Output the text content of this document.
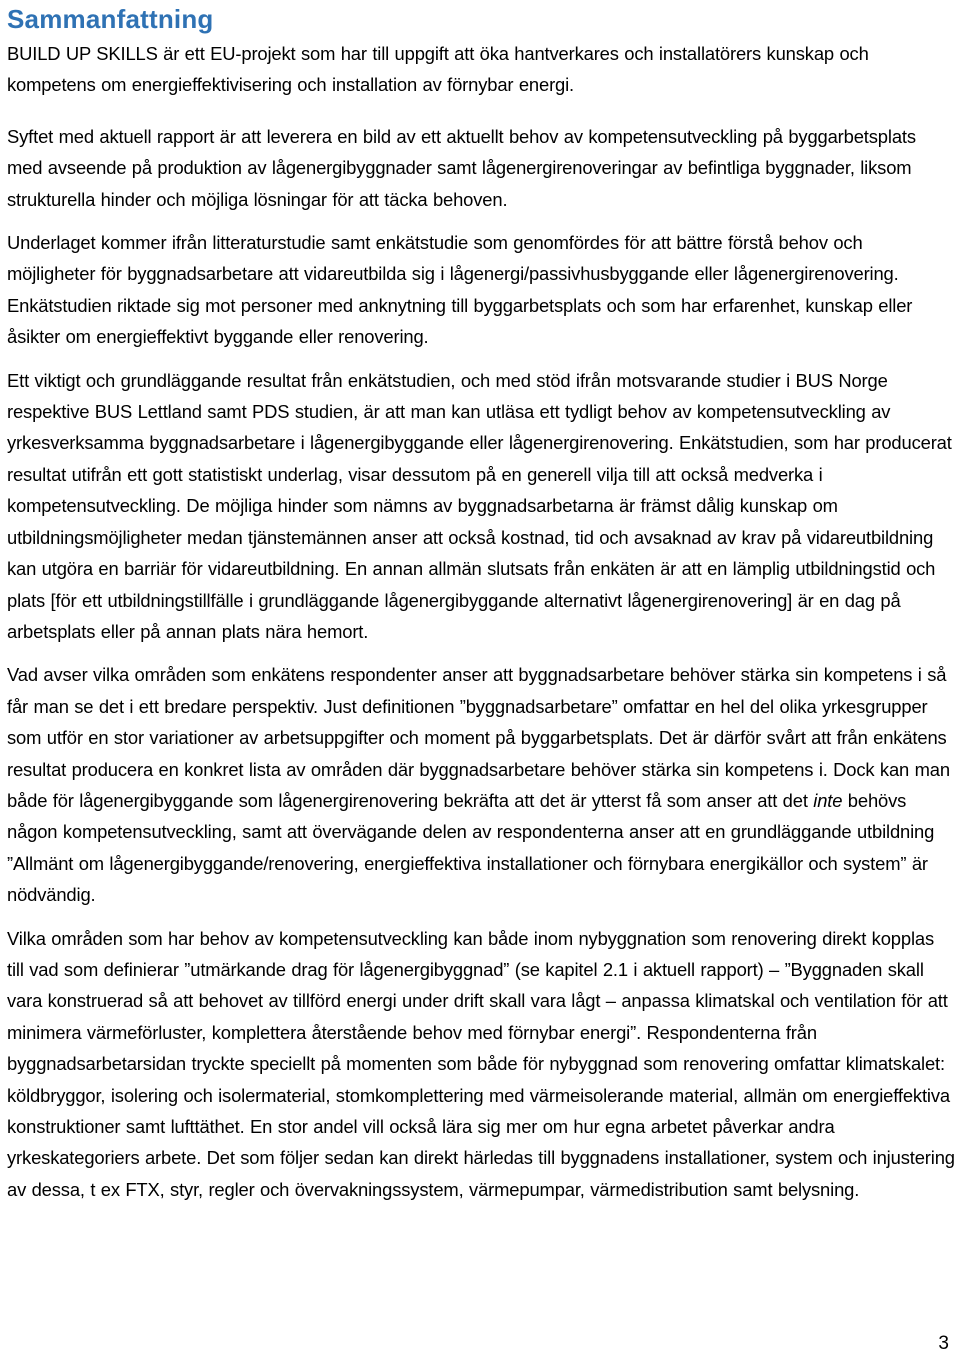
Sammanfattning

BUILD UP SKILLS är ett EU-projekt som har till uppgift att öka hantverkares och installatörers kunskap och kompetens om energieffektivisering och installation av förnybar energi.

Syftet med aktuell rapport är att leverera en bild av ett aktuellt behov av kompetensutveckling på byggarbetsplats med avseende på produktion av lågenergibyggnader samt lågenergirenoveringar av befintliga byggnader, liksom strukturella hinder och möjliga lösningar för att täcka behoven.

Underlaget kommer ifrån litteraturstudie samt enkätstudie som genomfördes för att bättre förstå behov och möjligheter för byggnadsarbetare att vidareutbilda sig i lågenergi/passivhusbyggande eller lågenergirenovering. Enkätstudien riktade sig mot personer med anknytning till byggarbetsplats och som har erfarenhet, kunskap eller åsikter om energieffektivt byggande eller renovering.

Ett viktigt och grundläggande resultat från enkätstudien, och med stöd ifrån motsvarande studier i BUS Norge respektive BUS Lettland samt PDS studien, är att man kan utläsa ett tydligt behov av kompetensutveckling av yrkesverksamma byggnadsarbetare i lågenergibyggande eller lågenergirenovering. Enkätstudien, som har producerat resultat utifrån ett gott statistiskt underlag, visar dessutom på en generell vilja till att också medverka i kompetensutveckling. De möjliga hinder som nämns av byggnadsarbetarna är främst dålig kunskap om utbildningsmöjligheter medan tjänstemännen anser att också kostnad, tid och avsaknad av krav på vidareutbildning kan utgöra en barriär för vidareutbildning. En annan allmän slutsats från enkäten är att en lämplig utbildningstid och plats [för ett utbildningstillfälle i grundläggande lågenergibyggande alternativt lågenergirenovering] är en dag på arbetsplats eller på annan plats nära hemort.

Vad avser vilka områden som enkätens respondenter anser att byggnadsarbetare behöver stärka sin kompetens i så får man se det i ett bredare perspektiv. Just definitionen ”byggnadsarbetare” omfattar en hel del olika yrkesgrupper som utför en stor variationer av arbetsuppgifter och moment på byggarbetsplats. Det är därför svårt att från enkätens resultat producera en konkret lista av områden där byggnadsarbetare behöver stärka sin kompetens i. Dock kan man både för lågenergibyggande som lågenergirenovering bekräfta att det är ytterst få som anser att det inte behövs någon kompetensutveckling, samt att övervägande delen av respondenterna anser att en grundläggande utbildning ”Allmänt om lågenergibyggande/renovering, energieffektiva installationer och förnybara energikällor och system” är nödvändig.

Vilka områden som har behov av kompetensutveckling kan både inom nybyggnation som renovering direkt kopplas till vad som definierar ”utmärkande drag för lågenergibyggnad” (se kapitel 2.1 i aktuell rapport) – ”Byggnaden skall vara konstruerad så att behovet av tillförd energi under drift skall vara lågt – anpassa klimatskal och ventilation för att minimera värmeförluster, komplettera återstående behov med förnybar energi”. Respondenterna från byggnadsarbetarsidan tryckte speciellt på momenten som både för nybyggnad som renovering omfattar klimatskalet: köldbryggor, isolering och isolermaterial, stomkomplettering med värmeisolerande material, allmän om energieffektiva konstruktioner samt lufttäthet. En stor andel vill också lära sig mer om hur egna arbetet påverkar andra yrkeskategoriers arbete. Det som följer sedan kan direkt härledas till byggnadens installationer, system och injustering av dessa, t ex FTX, styr, regler och övervakningssystem, värmepumpar, värmedistribution samt belysning.

3
